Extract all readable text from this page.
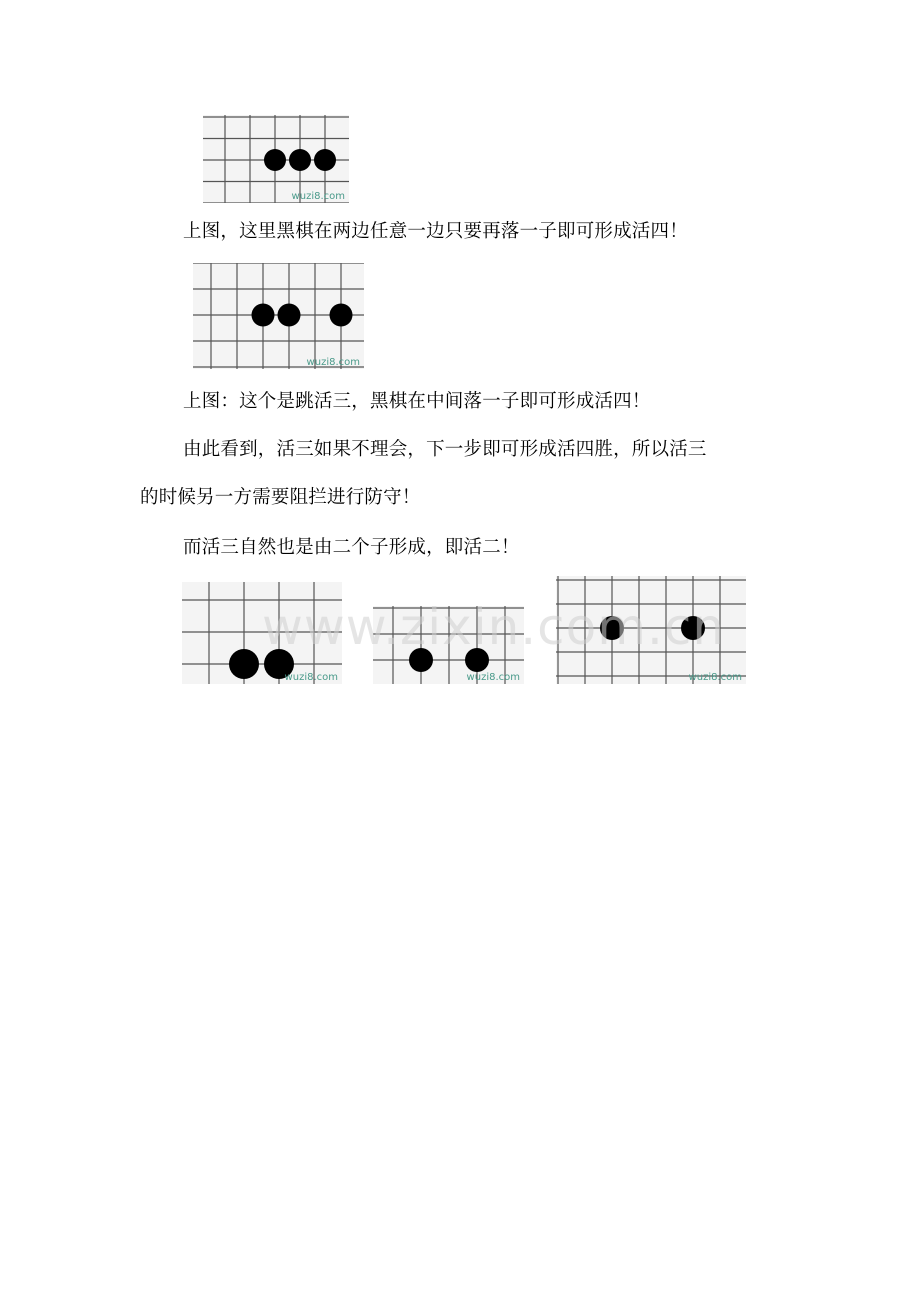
wuzi8.com

上图，这里黑棋在两边任意一边只要再落一子即可形成活四！

wuzi8.com

上图：这个是跳活三，黑棋在中间落一子即可形成活四！

由此看到，活三如果不理会，下一步即可形成活四胜，所以活三

的时候另一方需要阻拦进行防守！

而活三自然也是由二个子形成，即活二！

wuzi8.com	wuzi8.com	wuzi8.com
www.zixin.com.cn
